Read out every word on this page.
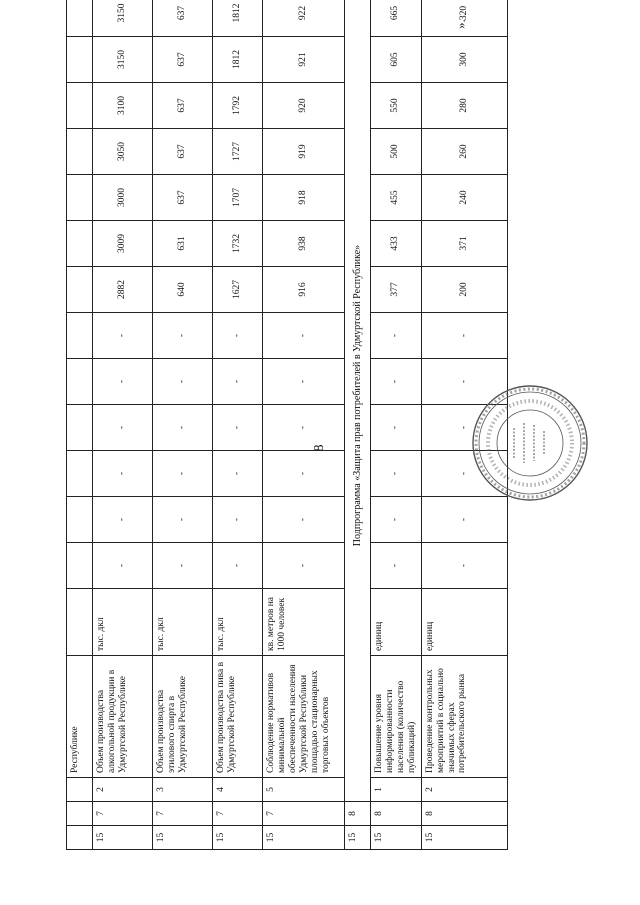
8
».
			Республике														
15	7	2	Объем производства алкогольной продукции в Удмуртской Республике	тыс. дкл	-	-	-	-	-	-	2882	3009	3000	3050	3100	3150	3150
15	7	3	Объем производства этилового спирта в Удмуртской Республике	тыс. дкл	-	-	-	-	-	-	640	631	637	637	637	637	637
15	7	4	Объем производства пива в Удмуртской Республике	тыс. дкл	-	-	-	-	-	-	1627	1732	1707	1727	1792	1812	1812
15	7	5	Соблюдение нормативов минимальной обеспеченности населения Удмуртской Республики площадью стационарных торговых объектов	кв. метров на 1000 человек	-	-	-	-	-	-	916	938	918	919	920	921	922
15	8	Подпрограмма «Защита прав потребителей в Удмуртской Республике»															
15	8	1	Повышение уровня информированности населения (количество публикаций)	единиц	-	-	-	-	-	-	377	433	455	500	550	605	665
15	8	2	Проведение контрольных мероприятий в социально значимых сферах потребительского рынка	единиц	-	-	-	-	-	-	200	371	240	260	280	300	320
